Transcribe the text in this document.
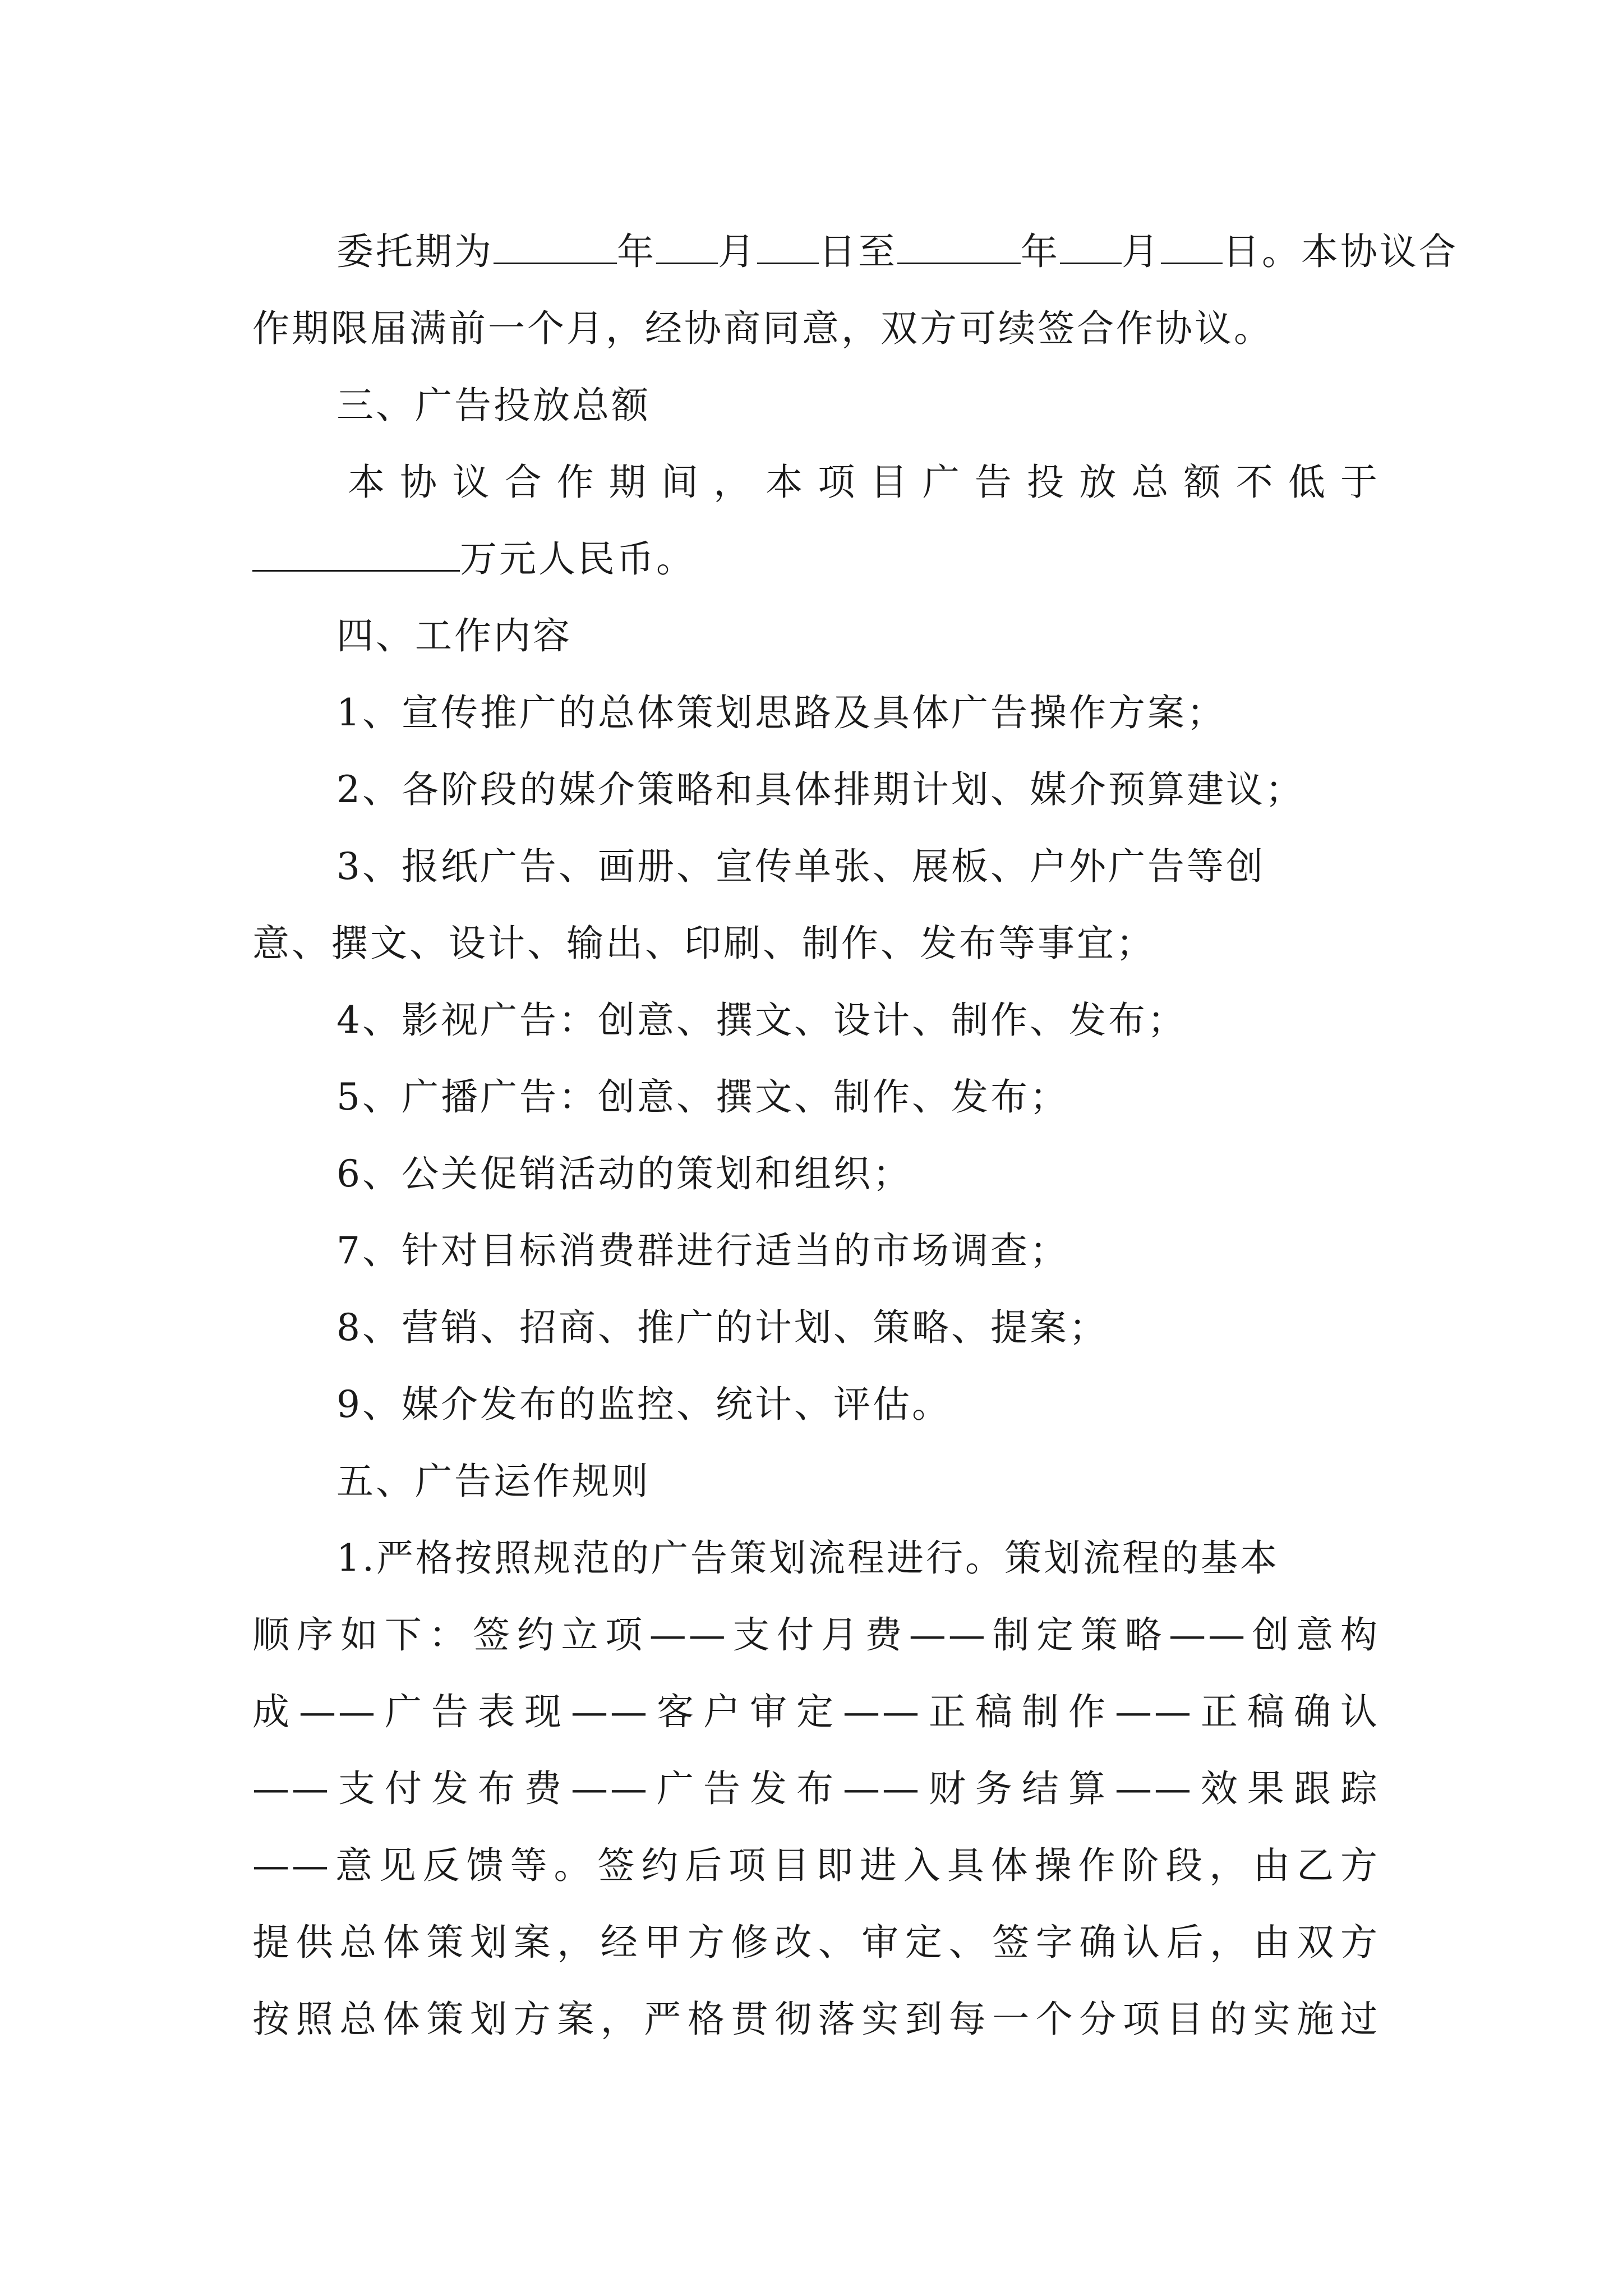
委托期为	年 月 日至	年 月 日。本协议合
作期限届满前一个月，经协商同意，双方可续签合作协议。
三、广告投放总额
本协议合作期间，本项目广告投放总额不低于
万元人民币。
四、工作内容
1、宣传推广的总体策划思路及具体广告操作方案；
2、各阶段的媒介策略和具体排期计划、媒介预算建议；
3、报纸广告、画册、宣传单张、展板、户外广告等创
意、撰文、设计、输出、印刷、制作、发布等事宜；
4、影视广告：创意、撰文、设计、制作、发布；
5、广播广告：创意、撰文、制作、发布；
6、公关促销活动的策划和组织；
7、针对目标消费群进行适当的市场调查；
8、营销、招商、推广的计划、策略、提案；
9、媒介发布的监控、统计、评估。
五、广告运作规则
1.严格按照规范的广告策划流程进行。策划流程的基本
顺序如下：签约立项——支付月费——制定策略——创意构
成——广告表现——客户审定——正稿制作——正稿确认
——支付发布费——广告发布——财务结算——效果跟踪
——意见反馈等。签约后项目即进入具体操作阶段，由乙方
提供总体策划案，经甲方修改、审定、签字确认后，由双方
按照总体策划方案，严格贯彻落实到每一个分项目的实施过
